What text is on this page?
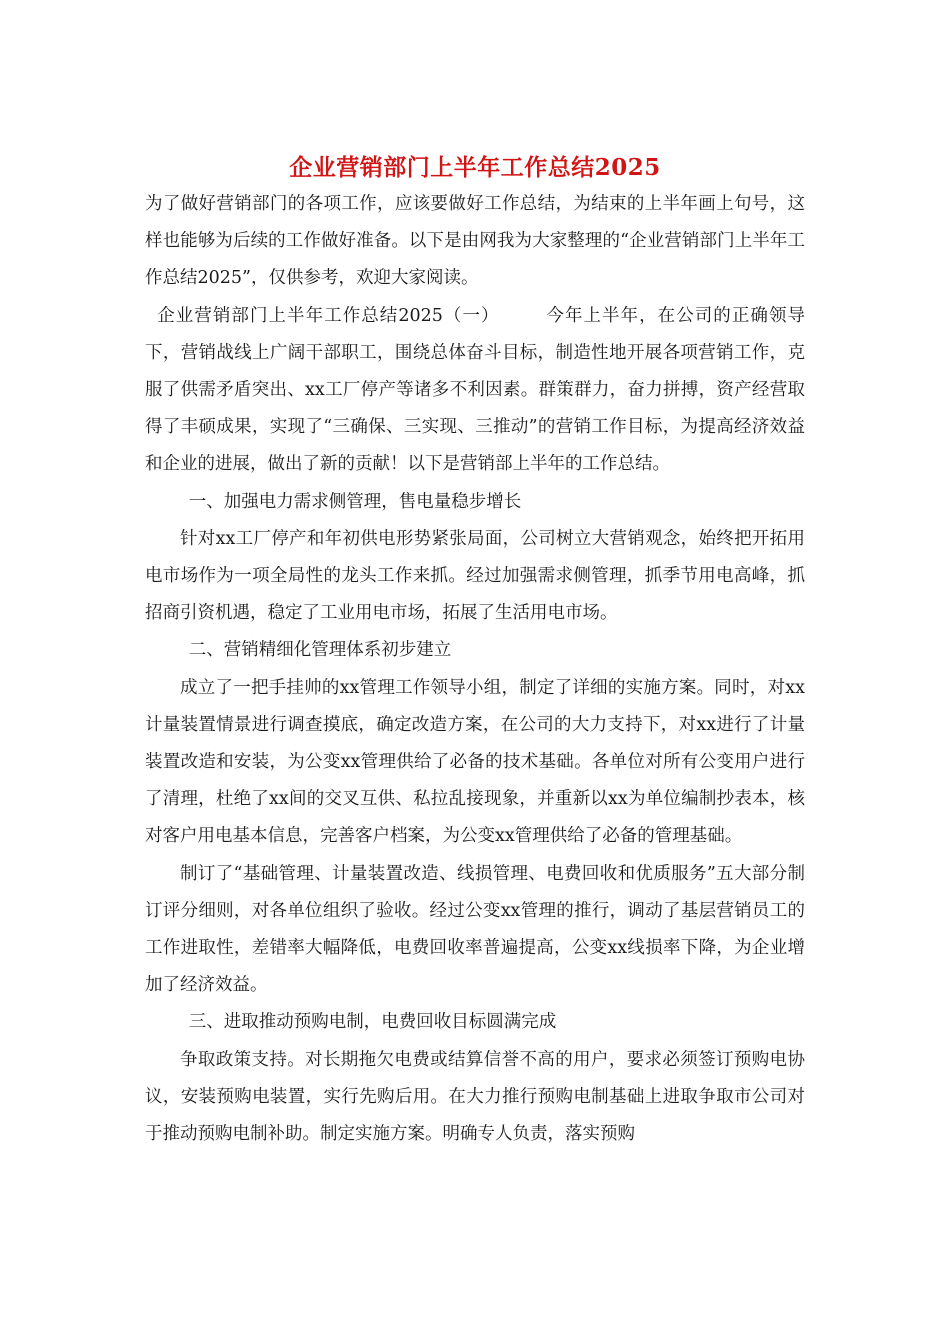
企业营销部门上半年工作总结2025

为了做好营销部门的各项工作，应该要做好工作总结，为结束的上半年画上句号，这样也能够为后续的工作做好准备。以下是由网我为大家整理的“企业营销部门上半年工作总结2025”，仅供参考，欢迎大家阅读。

企业营销部门上半年工作总结2025（一）　　　今年上半年，在公司的正确领导下，营销战线上广阔干部职工，围绕总体奋斗目标，制造性地开展各项营销工作，克服了供需矛盾突出、xx工厂停产等诸多不利因素。群策群力，奋力拼搏，资产经营取得了丰硕成果，实现了“三确保、三实现、三推动”的营销工作目标，为提高经济效益和企业的进展，做出了新的贡献！以下是营销部上半年的工作总结。

一、加强电力需求侧管理，售电量稳步增长

针对xx工厂停产和年初供电形势紧张局面，公司树立大营销观念，始终把开拓用电市场作为一项全局性的龙头工作来抓。经过加强需求侧管理，抓季节用电高峰，抓招商引资机遇，稳定了工业用电市场，拓展了生活用电市场。

二、营销精细化管理体系初步建立

成立了一把手挂帅的xx管理工作领导小组，制定了详细的实施方案。同时，对xx计量装置情景进行调查摸底，确定改造方案，在公司的大力支持下，对xx进行了计量装置改造和安装，为公变xx管理供给了必备的技术基础。各单位对所有公变用户进行了清理，杜绝了xx间的交叉互供、私拉乱接现象，并重新以xx为单位编制抄表本，核对客户用电基本信息，完善客户档案，为公变xx管理供给了必备的管理基础。

制订了“基础管理、计量装置改造、线损管理、电费回收和优质服务”五大部分制订评分细则，对各单位组织了验收。经过公变xx管理的推行，调动了基层营销员工的工作进取性，差错率大幅降低，电费回收率普遍提高，公变xx线损率下降，为企业增加了经济效益。

三、进取推动预购电制，电费回收目标圆满完成

争取政策支持。对长期拖欠电费或结算信誉不高的用户，要求必须签订预购电协议，安装预购电装置，实行先购后用。在大力推行预购电制基础上进取争取市公司对于推动预购电制补助。制定实施方案。明确专人负责，落实预购
